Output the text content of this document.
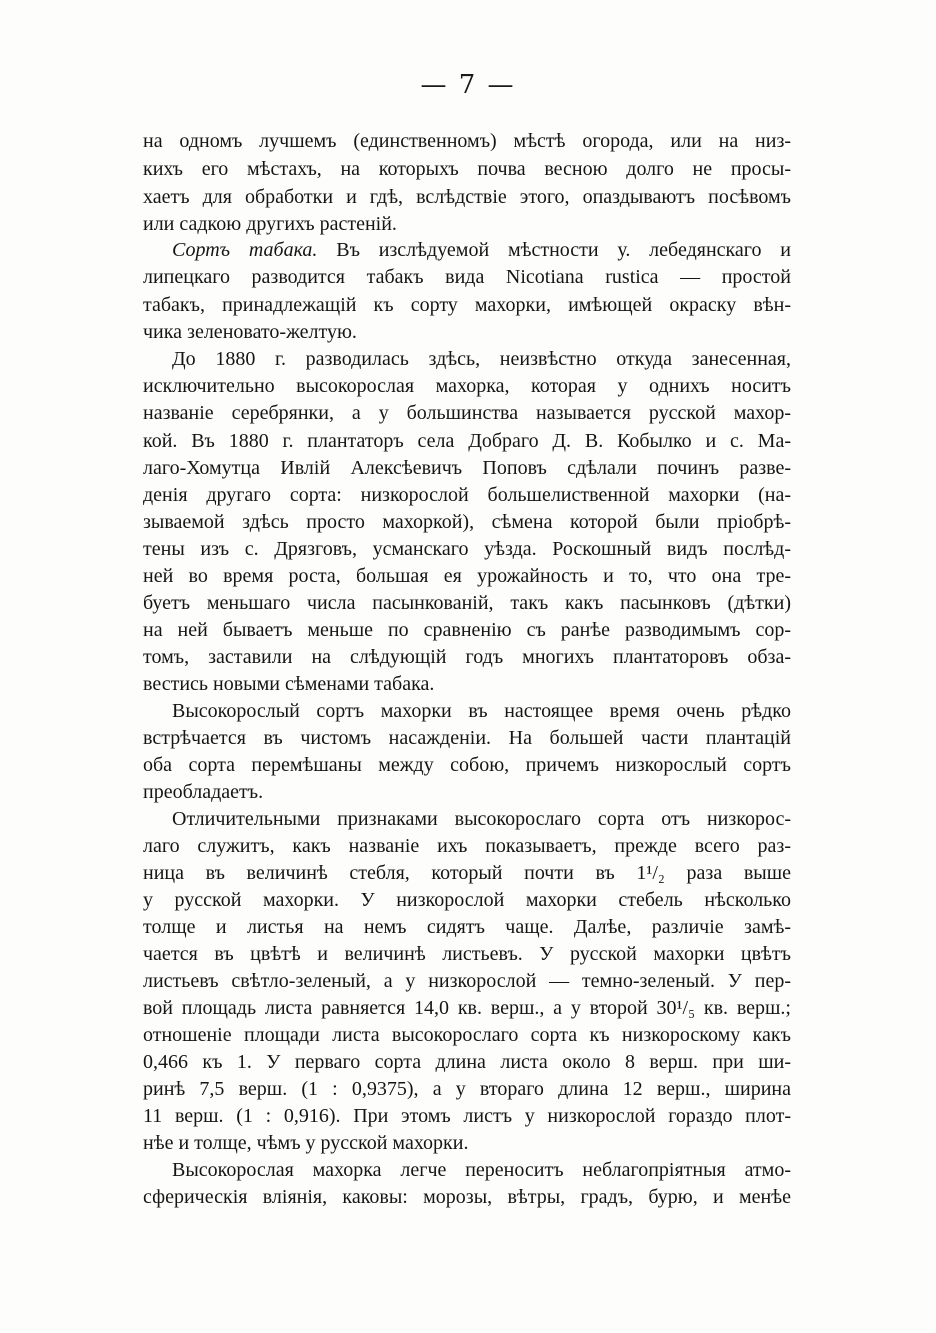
— 7 —
на одномъ лучшемъ (единственномъ) мѣстѣ огорода, или на низ-
кихъ его мѣстахъ, на которыхъ почва весною долго не просы-
хаетъ для обработки и гдѣ, вслѣдствіе этого, опаздываютъ посѣвомъ
или садкою другихъ растеній.
Сортъ табака. Въ изслѣдуемой мѣстности у. лебедянскаго и
липецкаго разводится табакъ вида Nicotiana rustica — простой
табакъ, принадлежащій къ сорту махорки, имѣющей окраску вѣн-
чика зеленовато-желтую.
До 1880 г. разводилась здѣсь, неизвѣстно откуда занесенная,
исключительно высокорослая махорка, которая у однихъ носитъ
названіе серебрянки, а у большинства называется русской махор-
кой. Въ 1880 г. плантаторъ села Добраго Д. В. Кобылко и с. Ма-
лаго-Хомутца Ивлій Алексѣевичъ Поповъ сдѣлали починъ разве-
денія другаго сорта: низкорослой большелиственной махорки (на-
зываемой здѣсь просто махоркой), сѣмена которой были пріобрѣ-
тены изъ с. Дрязговъ, усманскаго уѣзда. Роскошный видъ послѣд-
ней во время роста, большая ея урожайность и то, что она тре-
буетъ меньшаго числа пасынкованій, такъ какъ пасынковъ (дѣтки)
на ней бываетъ меньше по сравненію съ ранѣе разводимымъ сор-
томъ, заставили на слѣдующій годъ многихъ плантаторовъ обза-
вестись новыми сѣменами табака.
Высокорослый сортъ махорки въ настоящее время очень рѣдко
встрѣчается въ чистомъ насажденіи. На большей части плантацій
оба сорта перемѣшаны между собою, причемъ низкорослый сортъ
преобладаетъ.
Отличительными признаками высокорослаго сорта отъ низкорос-
лаго служитъ, какъ названіе ихъ показываетъ, прежде всего раз-
ница въ величинѣ стебля, который почти въ 1¹/₂ раза выше
у русской махорки. У низкорослой махорки стебель нѣсколько
толще и листья на немъ сидятъ чаще. Далѣе, различіе замѣ-
чается въ цвѣтѣ и величинѣ листьевъ. У русской махорки цвѣтъ
листьевъ свѣтло-зеленый, а у низкорослой — темно-зеленый. У пер-
вой площадь листа равняется 14,0 кв. верш., а у второй 30¹/₅ кв. верш.;
отношеніе площади листа высокорослаго сорта къ низкороскому какъ
0,466 къ 1. У перваго сорта длина листа около 8 верш. при ши-
ринѣ 7,5 верш. (1 : 0,9375), а у втораго длина 12 верш., ширина
11 верш. (1 : 0,916). При этомъ листъ у низкорослой гораздо плот-
нѣе и толще, чѣмъ у русской махорки.
Высокорослая махорка легче переноситъ неблагопріятныя атмо-
сферическія вліянія, каковы: морозы, вѣтры, градъ, бурю, и менѣе
